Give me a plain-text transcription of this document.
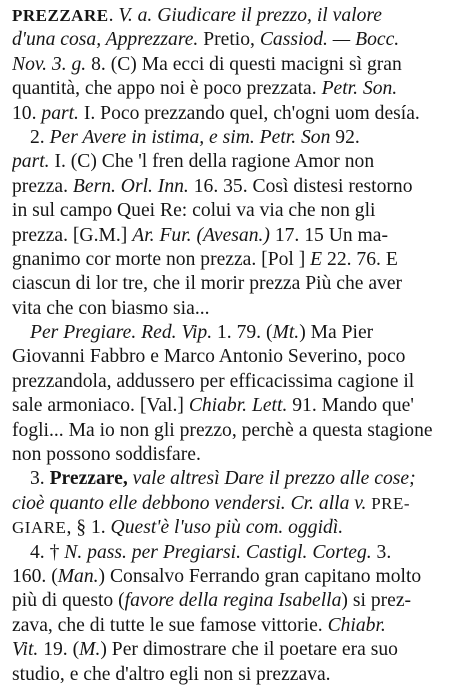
PREZZARE. V. a. Giudicare il prezzo, il valore
d'una cosa, Apprezzare. Pretio, Cassiod. — Bocc.
Nov. 3. g. 8. (C) Ma ecci di questi macigni sì gran
quantità, che appo noi è poco prezzata. Petr. Son.
10. part. I. Poco prezzando quel, ch'ogni uom desía.
2. Per Avere in istima, e sim. Petr. Son 92.
part. I. (C) Che 'l fren della ragione Amor non
prezza. Bern. Orl. Inn. 16. 35. Così distesi restorno
in sul campo Quei Re: colui va via che non gli
prezza. [G.M.] Ar. Fur. (Avesan.) 17. 15 Un ma-
gnanimo cor morte non prezza. [Pol ] E 22. 76. E
ciascun di lor tre, che il morir prezza Più che aver
vita che con biasmo sia...
Per Pregiare. Red. Vip. 1. 79. (Mt.) Ma Pier
Giovanni Fabbro e Marco Antonio Severino, poco
prezzandola, addussero per efficacissima cagione il
sale armoniaco. [Val.] Chiabr. Lett. 91. Mando que'
fogli... Ma io non gli prezzo, perchè a questa stagione
non possono soddisfare.
3. Prezzare, vale altresì Dare il prezzo alle cose;
cioè quanto elle debbono vendersi. Cr. alla v. PRE-
GIARE, § 1. Quest'è l'uso più com. oggidì.
4. † N. pass. per Pregiarsi. Castigl. Corteg. 3.
160. (Man.) Consalvo Ferrando gran capitano molto
più di questo (favore della regina Isabella) si prez-
zava, che di tutte le sue famose vittorie. Chiabr.
Vit. 19. (M.) Per dimostrare che il poetare era suo
studio, e che d'altro egli non si prezzava.
